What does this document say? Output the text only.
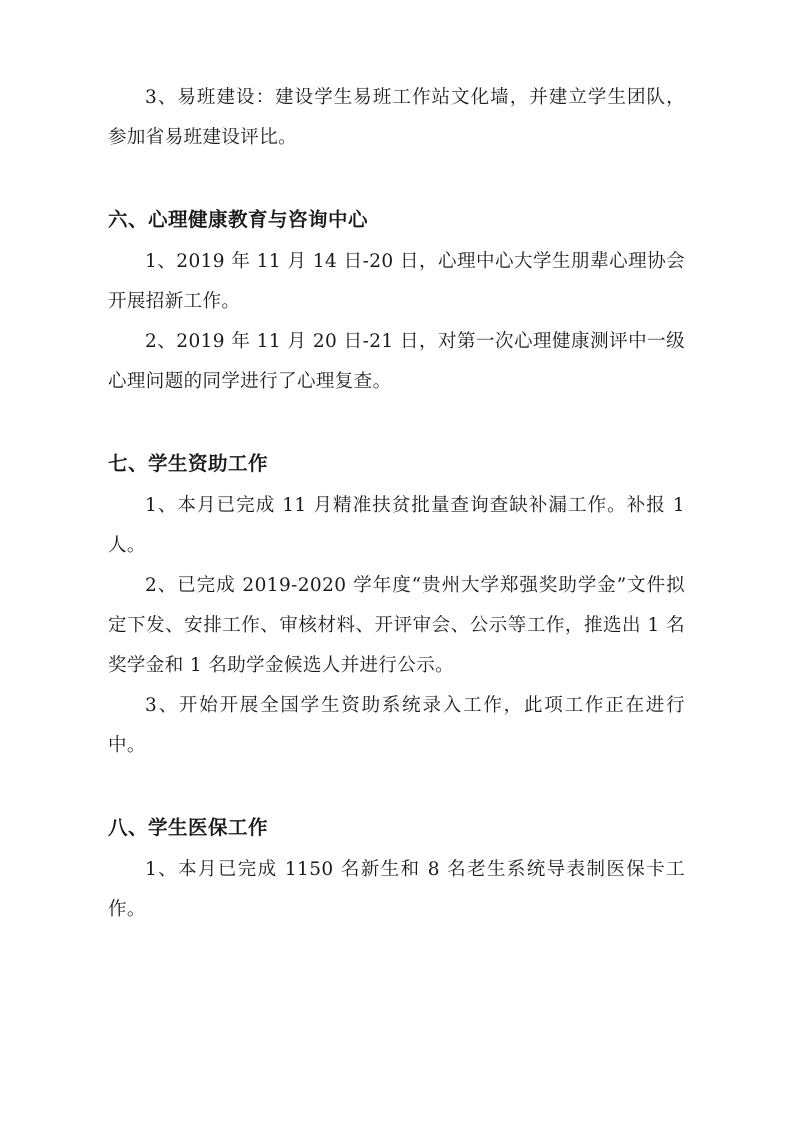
3、易班建设：建设学生易班工作站文化墙，并建立学生团队，参加省易班建设评比。
六、心理健康教育与咨询中心
1、2019 年 11 月 14 日-20 日，心理中心大学生朋辈心理协会开展招新工作。
2、2019 年 11 月 20 日-21 日，对第一次心理健康测评中一级心理问题的同学进行了心理复查。
七、学生资助工作
1、本月已完成 11 月精准扶贫批量查询查缺补漏工作。补报 1 人。
2、已完成 2019-2020 学年度“贵州大学郑强奖助学金”文件拟定下发、安排工作、审核材料、开评审会、公示等工作，推选出 1 名奖学金和 1 名助学金候选人并进行公示。
3、开始开展全国学生资助系统录入工作，此项工作正在进行中。
八、学生医保工作
1、本月已完成 1150 名新生和 8 名老生系统导表制医保卡工作。
